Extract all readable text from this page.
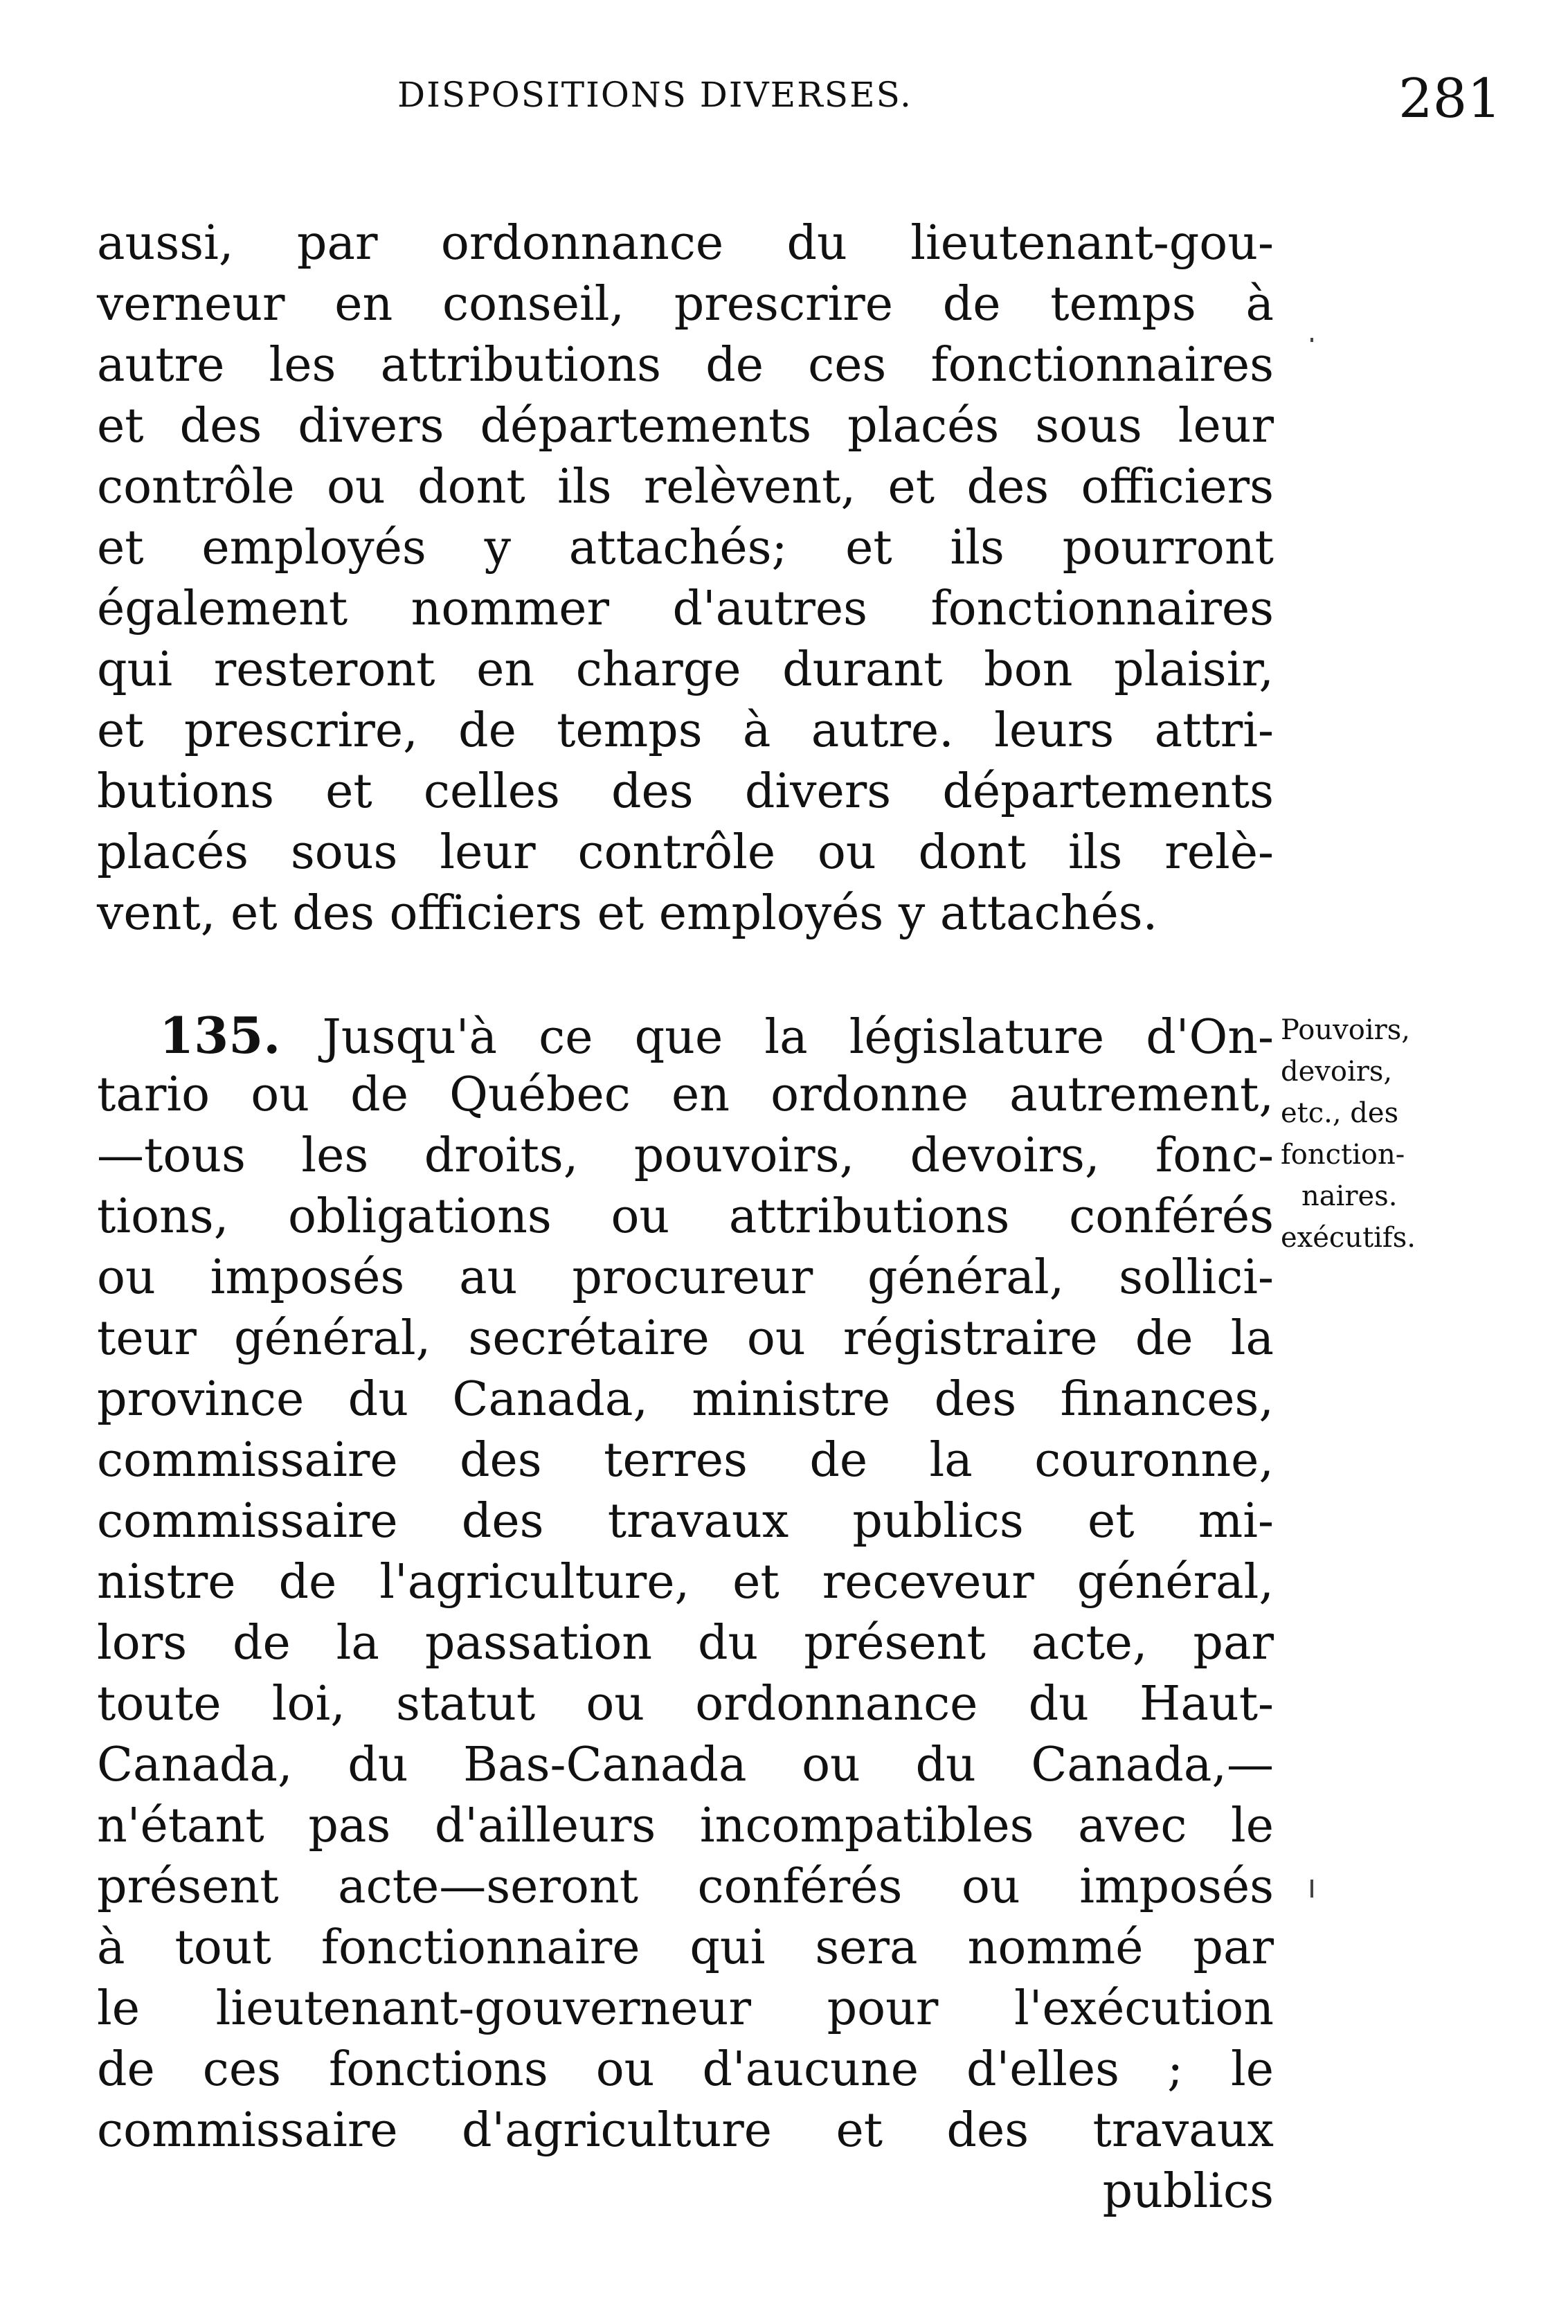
DISPOSITIONS DIVERSES.	281
aussi, par ordonnance du lieutenant-gou-
verneur en conseil, prescrire de temps à
autre les attributions de ces fonctionnaires
et des divers départements placés sous leur
contrôle ou dont ils relèvent, et des officiers
et employés y attachés; et ils pourront
également nommer d'autres fonctionnaires
qui resteront en charge durant bon plaisir,
et prescrire, de temps à autre. leurs attri-
butions et celles des divers départements
placés sous leur contrôle ou dont ils relè-
vent, et des officiers et employés y attachés.
135. Jusqu'à ce que la législature d'On-
tario ou de Québec en ordonne autrement,
—tous les droits, pouvoirs, devoirs, fonc-
tions, obligations ou attributions conférés
ou imposés au procureur général, sollici-
teur général, secrétaire ou régistraire de la
province du Canada, ministre des finances,
commissaire des terres de la couronne,
commissaire des travaux publics et mi-
nistre de l'agriculture, et receveur général,
lors de la passation du présent acte, par
toute loi, statut ou ordonnance du Haut-
Canada, du Bas-Canada ou du Canada,—
n'étant pas d'ailleurs incompatibles avec le
présent acte—seront conférés ou imposés
à tout fonctionnaire qui sera nommé par
le lieutenant-gouverneur pour l'exécution
de ces fonctions ou d'aucune d'elles ; le
commissaire d'agriculture et des travaux
publics
Pouvoirs,
devoirs,
etc., des
fonction-
naires.
exécutifs.
